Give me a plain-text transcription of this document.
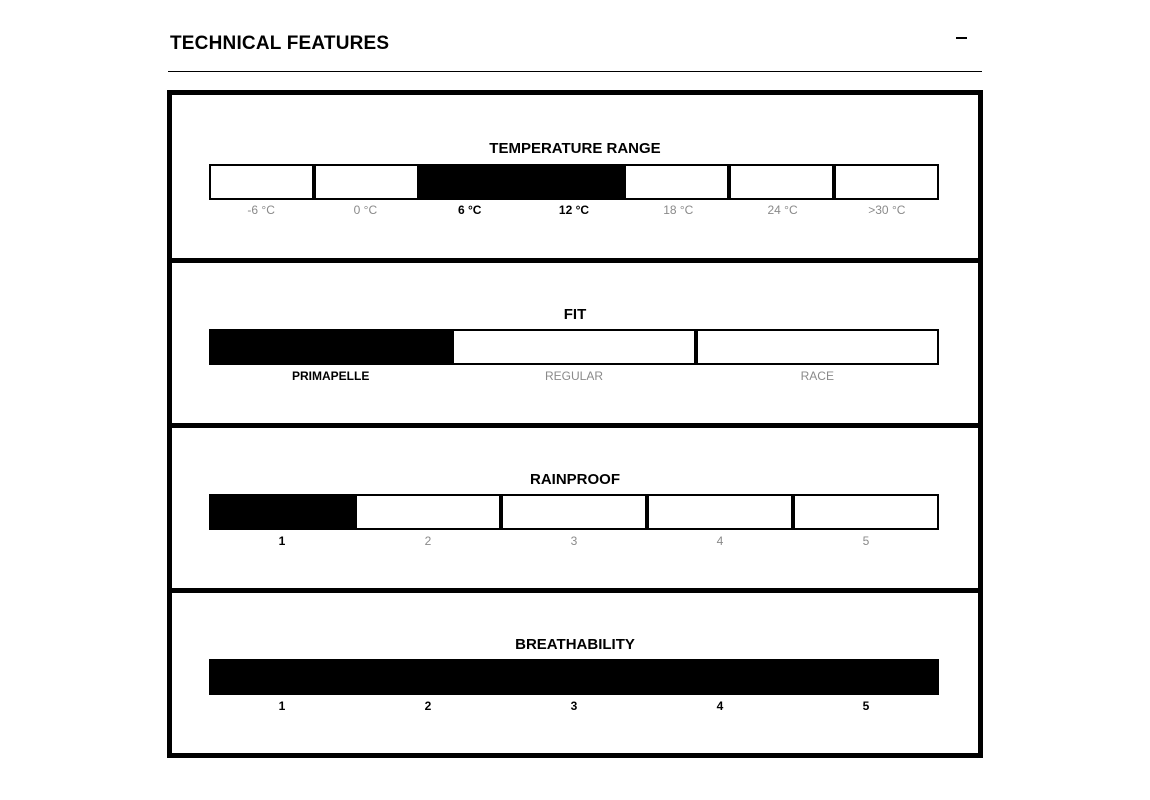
TECHNICAL FEATURES
TEMPERATURE RANGE
-6 °C	0 °C	6 °C	12 °C	18 °C	24 °C	>30 °C
FIT
PRIMAPELLE	REGULAR	RACE
RAINPROOF
1	2	3	4	5
BREATHABILITY
1	2	3	4	5
